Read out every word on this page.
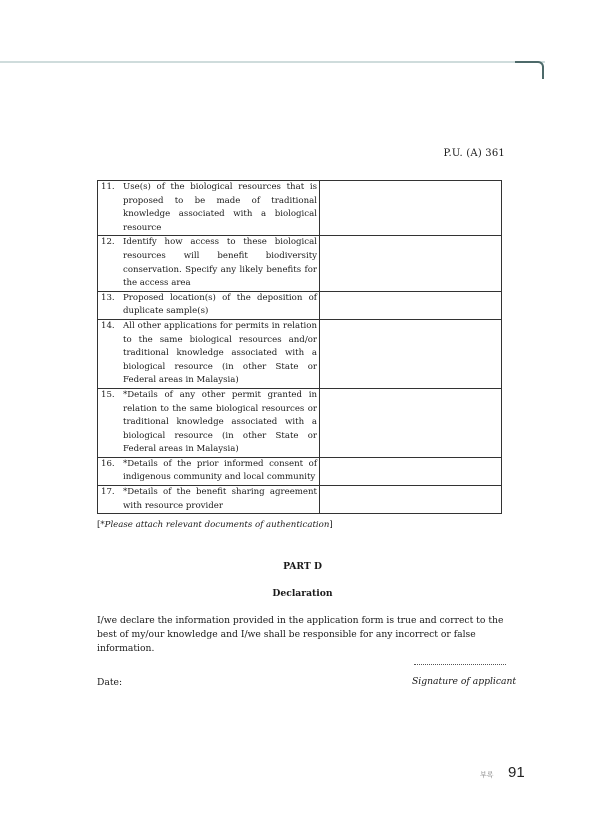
P.U. (A) 361
11. Use(s) of the biological resources that is proposed to be made of traditional knowledge associated with a biological resource	

12. Identify how access to these biological resources will benefit biodiversity conservation. Specify any likely benefits for the access area	

13. Proposed location(s) of the deposition of duplicate sample(s)	

14. All other applications for permits in relation to the same biological resources and/or traditional knowledge associated with a biological resource (in other State or Federal areas in Malaysia)	

15. *Details of any other permit granted in relation to the same biological resources or traditional knowledge associated with a biological resource (in other State or Federal areas in Malaysia)	

16. *Details of the prior informed consent of indigenous community and local community	

17. *Details of the benefit sharing agreement with resource provider	

[*Please attach relevant documents of authentication]
PART D
Declaration
I/we declare the information provided in the application form is true and correct to the best of my/our knowledge and I/we shall be responsible for any incorrect or false information.
Date:	Signature of applicant
부록 91
